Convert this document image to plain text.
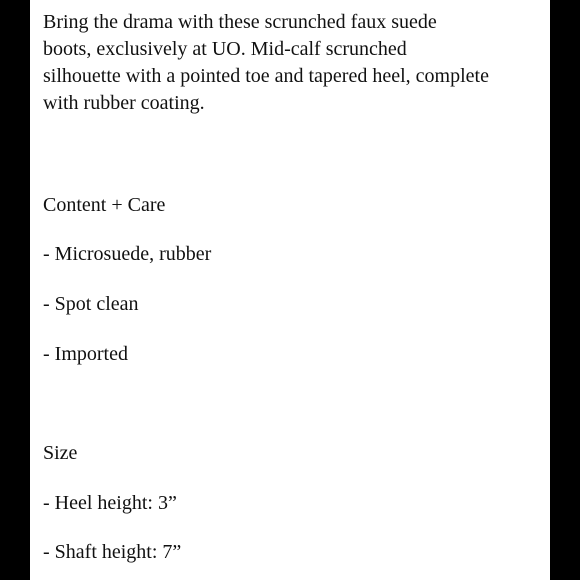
Bring the drama with these scrunched faux suede
boots, exclusively at UO. Mid-calf scrunched
silhouette with a pointed toe and tapered heel, complete
with rubber coating.

Content + Care

- Microsuede, rubber

- Spot clean

- Imported

Size

- Heel height: 3”

- Shaft height: 7”
